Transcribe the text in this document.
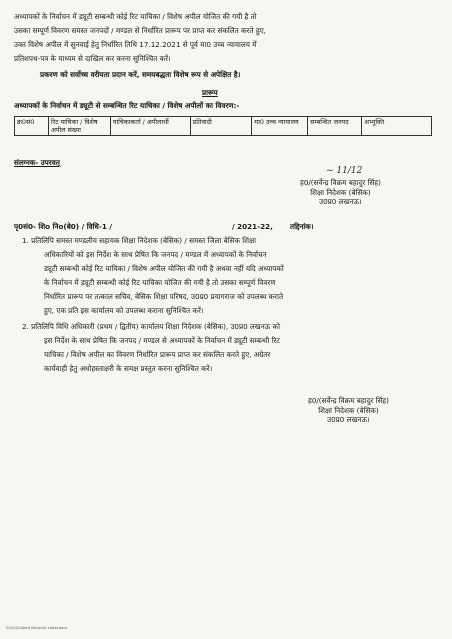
अध्यापकों के निर्वाचन में ड्यूटी सम्बन्धी कोई रिट याचिका / विशेष अपील योजित की गयी है तो
उसका सम्पूर्ण विवरण समस्त जनपदों / मण्डल से निर्धारित प्रारूप पर प्राप्त कर संकलित करते हुए,
उक्त विशेष अपील में सुनवाई हेतु निर्धारित तिथि 17.12.2021 से पूर्व मा0 उच्च न्यायालय में
प्रतिशपथ-पत्र के माध्यम से दाखिल कर करना सुनिश्चित करें।
प्रकरण को सर्वोच्च वरीयता प्रदान करें, समयबद्धता विशेष रूप से अपेक्षित है।
प्रारूप
अध्यापकों के निर्वाचन में ड्यूटी से सम्बन्धित रिट याचिका / विशेष अपीलों का विवरण:-
क्र0सं0	रिट याचिका / विशेष अपील संख्या	याचिकाकर्ता / अपीलार्थी	प्रतिवादी	मा0 उच्च न्यायालय	सम्बन्धित जनपद	अभ्युक्ति
संलग्नक- उपरवत्
~ 11/12
ह0/(सर्वेन्द्र विक्रम बहादुर सिंह)
शिक्षा निदेशक (बेसिक)
उ0प्र0 लखनऊ।
पृ0सं0- शिo निo(बे0) / विधि-1 /	/ 2021-22, तद्दिनांक।
1. प्रतिलिपि समस्त मण्डलीय सहायक शिक्षा निदेशक (बेसिक) / समस्त जिला बेसिक शिक्षा
अधिकारियों को इस निर्देश के साथ प्रेषित कि जनपद / मण्डल में अध्यापकों के निर्वाचन
ड्यूटी सम्बन्धी कोई रिट याचिका / विशेष अपील योजित की गयी है अथवा नहीं यदि अध्यापकों
के निर्वाचन में ड्यूटी सम्बन्धी कोई रिट याचिका योजित की गयी है तो उसका सम्पूर्ण विवरण
निर्धारित प्रारूप पर तत्काल सचिव, बेसिक शिक्षा परिषद, उ0प्र0 प्रयागराज को उपलब्ध कराते
हुए, एक प्रति इस कार्यालय को उपलब्ध कराना सुनिश्चित करें।
2. प्रतिलिपि विधि अधिकारी (प्रथम / द्वितीय) कार्यालय शिक्षा निदेशक (बेसिक), उ0प्र0 लखनऊ को
इस निर्देश के साथ प्रेषित कि जनपद / मण्डल से अध्यापकों के निर्वाचन में ड्यूटी सम्बन्धी रिट
याचिका / विशेष अपील का विवरण निर्धारित प्रारूप प्राप्त कर संकलित करते हुए, अग्रेतर
कार्यवाही हेतु अधोहस्ताक्षरी के समक्ष प्रस्तुत करना सुनिश्चित करें।
ह0/(सर्वेन्द्र विक्रम बहादुर सिंह)
शिक्षा निदेशक (बेसिक)
उ0प्र0 लखनऊ।
D:\2021\Word file\Ankit Letter.docx
